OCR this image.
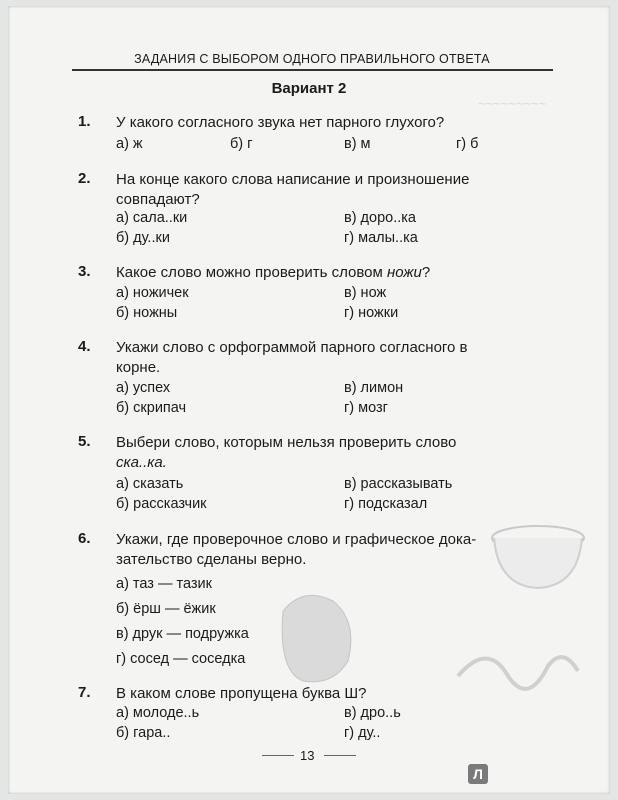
~~~~~~~~~
ЗАДАНИЯ С ВЫБОРОМ ОДНОГО ПРАВИЛЬНОГО ОТВЕТА
Вариант 2
1. У какого согласного звука нет парного глухого?
а) ж	б) г	в) м	г) б
2. На конце какого слова написание и произношение
совпадают?
а) сала..ки	в) доро..ка
б) ду..ки	г) малы..ка
3. Какое слово можно проверить словом ножи?
а) ножичек	в) нож
б) ножны	г) ножки
4. Укажи слово с орфограммой парного согласного в
корне.
а) успех	в) лимон
б) скрипач	г) мозг
5. Выбери слово, которым нельзя проверить слово
ска..ка.
а) сказать	в) рассказывать
б) рассказчик	г) подсказал
6. Укажи, где проверочное слово и графическое дока-
зательство сделаны верно.
а) таз — тазик
б) ёрш — ёжик
в) друк — подружка
г) сосед — соседка
7. В каком слове пропущена буква Ш?
а) молоде..ь	в) дро..ь
б) гара..	г) ду..
13
Л
